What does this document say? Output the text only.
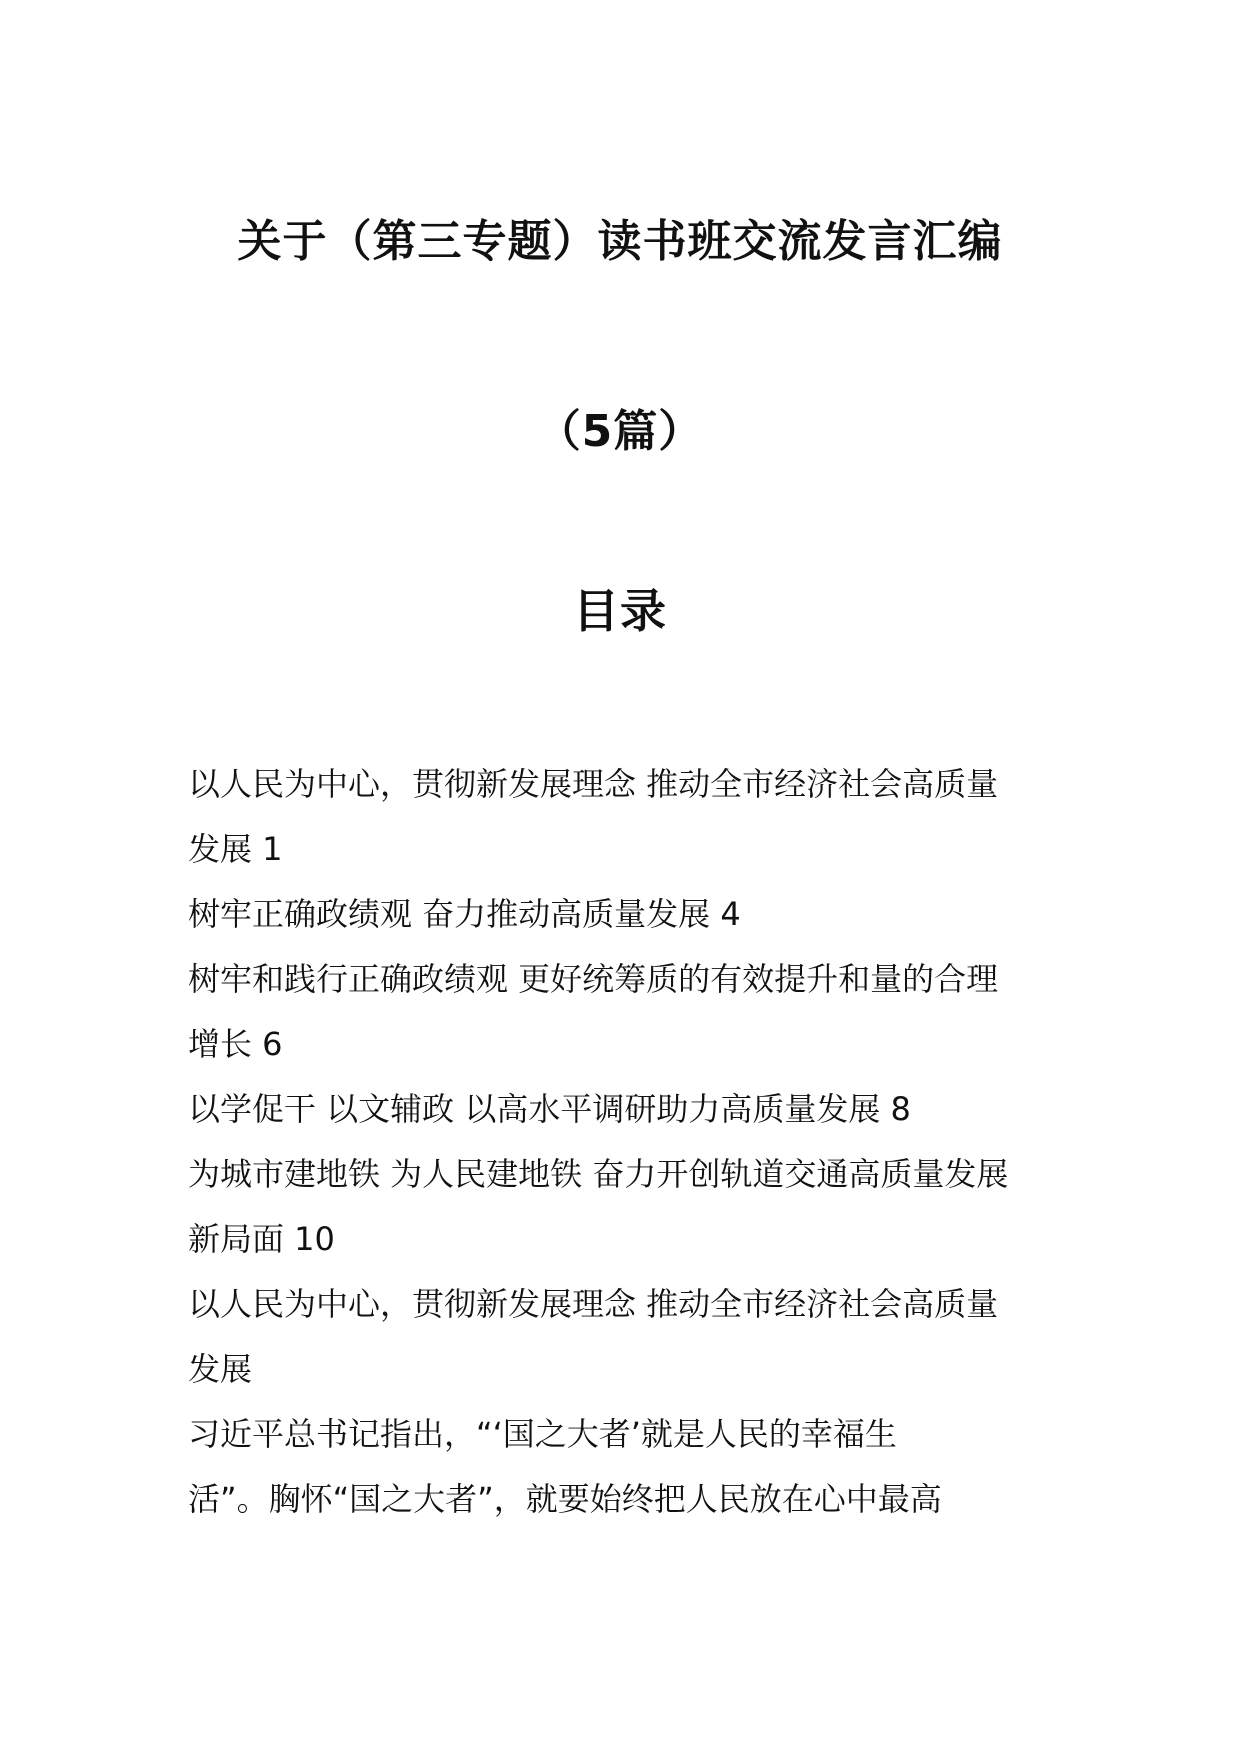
关于（第三专题）读书班交流发言汇编
（5篇）
目录
以人民为中心，贯彻新发展理念 推动全市经济社会高质量
发展 1
树牢正确政绩观 奋力推动高质量发展 4
树牢和践行正确政绩观 更好统筹质的有效提升和量的合理
增长 6
以学促干 以文辅政 以高水平调研助力高质量发展 8
为城市建地铁 为人民建地铁 奋力开创轨道交通高质量发展
新局面 10
以人民为中心，贯彻新发展理念 推动全市经济社会高质量
发展
习近平总书记指出，“‘国之大者’就是人民的幸福生
活”。胸怀“国之大者”，就要始终把人民放在心中最高
